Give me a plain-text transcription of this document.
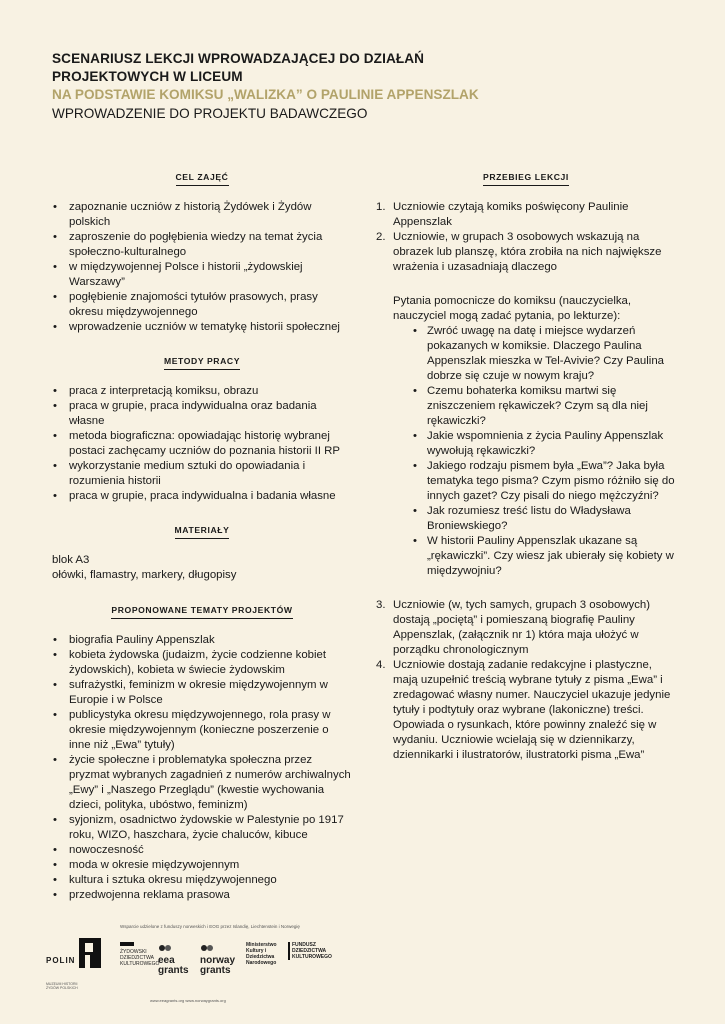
SCENARIUSZ LEKCJI WPROWADZAJĄCEJ DO DZIAŁAŃ
PROJEKTOWYCH W LICEUM
NA PODSTAWIE KOMIKSU „WALIZKA” O PAULINIE APPENSZLAK
WPROWADZENIE DO PROJEKTU BADAWCZEGO
CEL ZAJĘĆ
• zapoznanie uczniów z historią Żydówek i Żydów polskich
• zaproszenie do pogłębienia wiedzy na temat życia społeczno-kulturalnego
• w międzywojennej Polsce i historii „żydowskiej Warszawy”
• pogłębienie znajomości tytułów prasowych, prasy okresu międzywojennego
• wprowadzenie uczniów w tematykę historii społecznej
METODY PRACY
• praca z interpretacją komiksu, obrazu
• praca w grupie, praca indywidualna oraz badania własne
• metoda biograficzna: opowiadając historię wybranej postaci zachęcamy uczniów do poznania historii II RP
• wykorzystanie medium sztuki do opowiadania i rozumienia historii
• praca w grupie, praca indywidualna i badania własne
MATERIAŁY
blok A3
ołówki, flamastry, markery, długopisy
PROPONOWANE TEMATY PROJEKTÓW
• biografia Pauliny Appenszlak
• kobieta żydowska (judaizm, życie codzienne kobiet żydowskich), kobieta w świecie żydowskim
• sufrażystki, feminizm w okresie międzywojennym w Europie i w Polsce
• publicystyka okresu międzywojennego, rola prasy w okresie międzywojennym (konieczne poszerzenie o inne niż „Ewa” tytuły)
• życie społeczne i problematyka społeczna przez pryzmat wybranych zagadnień z numerów archiwalnych „Ewy” i „Naszego Przeglądu” (kwestie wychowania dzieci, polityka, ubóstwo, feminizm)
• syjonizm, osadnictwo żydowskie w Palestynie po 1917 roku, WIZO, haszchara, życie chaluców, kibuce
• nowoczesność
• moda w okresie międzywojennym
• kultura i sztuka okresu międzywojennego
• przedwojenna reklama prasowa
PRZEBIEG LEKCJI
1. Uczniowie czytają komiks poświęcony Paulinie Appenszlak
2. Uczniowie, w grupach 3 osobowych wskazują na obrazek lub planszę, która zrobiła na nich największe wrażenia i uzasadniają dlaczego
Pytania pomocnicze do komiksu (nauczycielka, nauczyciel mogą zadać pytania, po lekturze):
• Zwróć uwagę na datę i miejsce wydarzeń pokazanych w komiksie. Dlaczego Paulina Appenszlak mieszka w Tel-Avivie? Czy Paulina dobrze się czuje w nowym kraju?
• Czemu bohaterka komiksu martwi się zniszczeniem rękawiczek? Czym są dla niej rękawiczki?
• Jakie wspomnienia z życia Pauliny Appenszlak wywołują rękawiczki?
• Jakiego rodzaju pismem była „Ewa”? Jaka była tematyka tego pisma? Czym pismo różniło się do innych gazet? Czy pisali do niego mężczyźni?
• Jak rozumiesz treść listu do Władysława Broniewskiego?
• W historii Pauliny Appenszlak ukazane są „rękawiczki”. Czy wiesz jak ubierały się kobiety w międzywojniu?
3. Uczniowie (w, tych samych, grupach 3 osobowych) dostają „pociętą” i pomieszaną biografię Pauliny Appenszlak, (załącznik nr 1) która maja ułożyć w porządku chronologicznym
4. Uczniowie dostają zadanie redakcyjne i plastyczne, mają uzupełnić treścią wybrane tytuły z pisma „Ewa” i zredagować własny numer. Nauczyciel ukazuje jedynie tytuły i podtytuły oraz wybrane (lakoniczne) treści. Opowiada o rysunkach, które powinny znaleźć się w wydaniu. Uczniowie wcielają się w dziennikarzy, dziennikarki i ilustratorów, ilustratorki pisma „Ewa”
Wsparcie udzielone z funduszy norweskich i EOG przez Islandię, Liechtenstein i Norwegię
POLIN
MUZEUM HISTORII ŻYDÓW POLSKICH
ŻYDOWSKI DZIEDZICTWA KULTUROWEGO
eea grants
norway grants
Ministerstwo Kultury i Dziedzictwa Narodowego
FUNDUSZ DZIEDZICTWA KULTUROWEGO
www.eeagrants.org www.norwaygrants.org
